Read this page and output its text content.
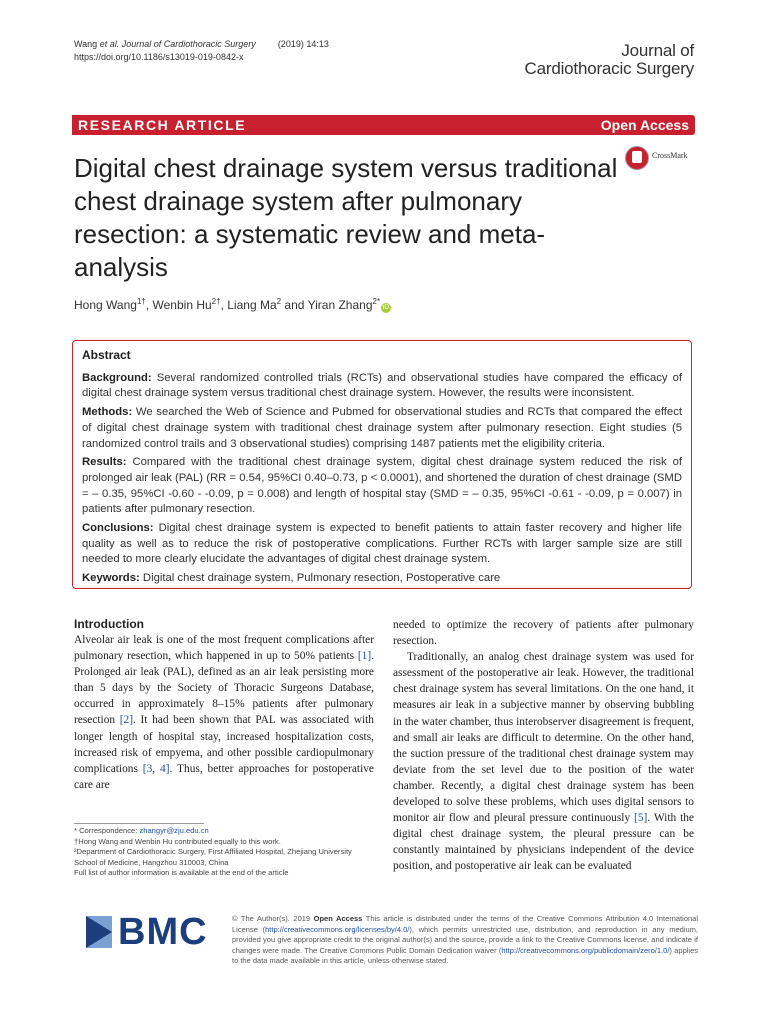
Wang et al. Journal of Cardiothoracic Surgery (2019) 14:13
https://doi.org/10.1186/s13019-019-0842-x	Journal of
Cardiothoracic Surgery
RESEARCH ARTICLE	Open Access
CrossMark
Digital chest drainage system versus traditional chest drainage system after pulmonary resection: a systematic review and meta-analysis
Hong Wang$^{1\dagger}$, Wenbin $Hu^{2\dagger}$, Liang Ma$^2$ and Yiran Zhang$^{2*}$iD
Abstract

Background: Several randomized controlled trials (RCTs) and observational studies have compared the efficacy of digital chest drainage system versus traditional chest drainage system. However, the results were inconsistent.

Methods: We searched the Web of Science and Pubmed for observational studies and RCTs that compared the effect of digital chest drainage system with traditional chest drainage system after pulmonary resection. Eight studies (5 randomized control trails and 3 observational studies) comprising 1487 patients met the eligibility criteria.

Results: Compared with the traditional chest drainage system, digital chest drainage system reduced the risk of prolonged air leak (PAL) (RR = 0.54, 95%CI 0.40–0.73, p < 0.0001), and shortened the duration of chest drainage (SMD = – 0.35, 95%CI -0.60 - -0.09, p = 0.008) and length of hospital stay (SMD = – 0.35, 95%CI -0.61 - -0.09, p = 0.007) in patients after pulmonary resection.

Conclusions: Digital chest drainage system is expected to benefit patients to attain faster recovery and higher life quality as well as to reduce the risk of postoperative complications. Further RCTs with larger sample size are still needed to more clearly elucidate the advantages of digital chest drainage system.

Keywords: Digital chest drainage system, Pulmonary resection, Postoperative care

Introduction
Alveolar air leak is one of the most frequent complications after pulmonary resection, which happened in up to 50% patients [1]. Prolonged air leak (PAL), defined as an air leak persisting more than 5 days by the Society of Thoracic Surgeons Database, occurred in approximately 8–15% patients after pulmonary resection [2]. It had been shown that PAL was associated with longer length of hospital stay, increased hospitalization costs, increased risk of empyema, and other possible cardiopulmonary complications [3, 4]. Thus, better approaches for postoperative care are

needed to optimize the recovery of patients after pulmonary resection.

Traditionally, an analog chest drainage system was used for assessment of the postoperative air leak. However, the traditional chest drainage system has several limitations. On the one hand, it measures air leak in a subjective manner by observing bubbling in the water chamber, thus interobserver disagreement is frequent, and small air leaks are difficult to determine. On the other hand, the suction pressure of the traditional chest drainage system may deviate from the set level due to the position of the water chamber. Recently, a digital chest drainage system has been developed to solve these problems, which uses digital sensors to monitor air flow and pleural pressure continuously [5]. With the digital chest drainage system, the pleural pressure can be constantly maintained by physicians independent of the device position, and postoperative air leak can be evaluated

* Correspondence: zhangyr@zju.edu.cn
†Hong Wang and Wenbin Hu contributed equally to this work.
²Department of Cardiothoracic Surgery, First Affiliated Hospital, Zhejiang University School of Medicine, Hangzhou 310003, China
Full list of author information is available at the end of the article
BMC	© The Author(s). 2019 Open Access This article is distributed under the terms of the Creative Commons Attribution 4.0 International License (http://creativecommons.org/licenses/by/4.0/), which permits unrestricted use, distribution, and reproduction in any medium, provided you give appropriate credit to the original author(s) and the source, provide a link to the Creative Commons license, and indicate if changes were made. The Creative Commons Public Domain Dedication waiver (http://creativecommons.org/publicdomain/zero/1.0/) applies to the data made available in this article, unless otherwise stated.
